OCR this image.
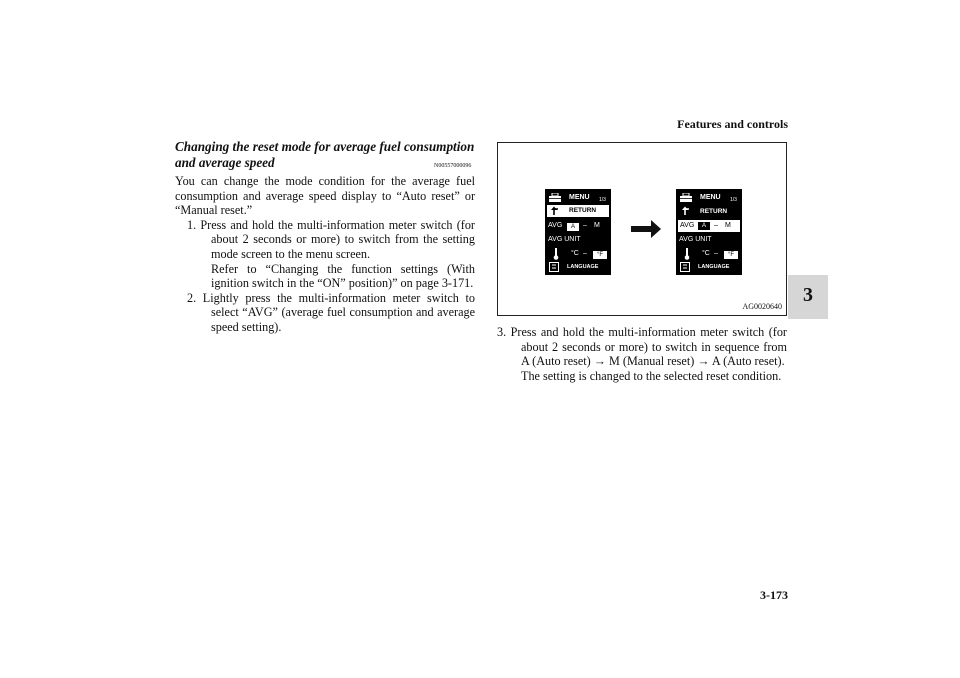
Features and controls
3-173
3
Changing the reset mode for average fuel consumption
and average speed	N00557000096
You can change the mode condition for the average fuel consumption and average speed display to “Auto reset” or “Manual reset.”
1. Press and hold the multi-information meter switch (for about 2 seconds or more) to switch from the setting mode screen to the menu screen.
Refer to “Changing the function settings (With ignition switch in the “ON” position)” on page 3-171.
2. Lightly press the multi-information meter switch to select “AVG” (average fuel consumption and average speed setting).
MENU 1/3
RETURN
AVG	A	– M
AVG UNIT
°C –	°F
LANGUAGE
MENU 1/3
RETURN
AVG	A	– M
AVG UNIT
°C –	°F
LANGUAGE
AG0020640
3. Press and hold the multi-information meter switch (for about 2 seconds or more) to switch in sequence from A (Auto reset) → M (Manual reset) → A (Auto reset).
The setting is changed to the selected reset condition.
